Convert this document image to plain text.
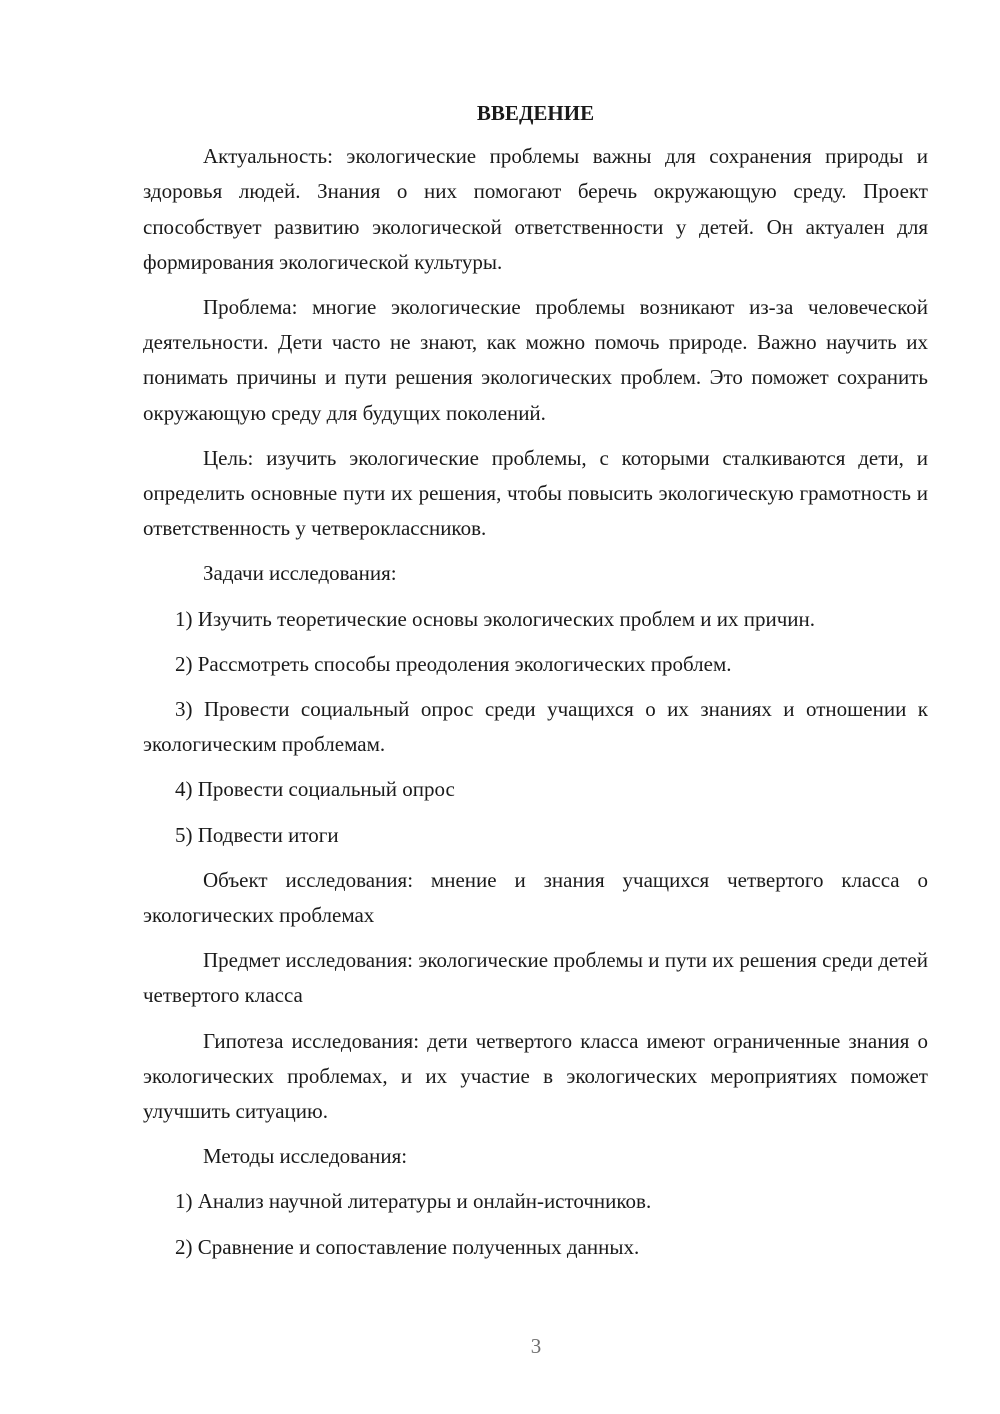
ВВЕДЕНИЕ

Актуальность: экологические проблемы важны для сохранения природы и здоровья людей. Знания о них помогают беречь окружающую среду. Проект способствует развитию экологической ответственности у детей. Он актуален для формирования экологической культуры.

Проблема: многие экологические проблемы возникают из-за человеческой деятельности. Дети часто не знают, как можно помочь природе. Важно научить их понимать причины и пути решения экологических проблем. Это поможет сохранить окружающую среду для будущих поколений.

Цель: изучить экологические проблемы, с которыми сталкиваются дети, и определить основные пути их решения, чтобы повысить экологическую грамотность и ответственность у четвероклассников.

Задачи исследования:

1) Изучить теоретические основы экологических проблем и их причин.

2) Рассмотреть способы преодоления экологических проблем.

3) Провести социальный опрос среди учащихся о их знаниях и отношении к экологическим проблемам.

4) Провести социальный опрос

5) Подвести итоги

Объект исследования: мнение и знания учащихся четвертого класса о экологических проблемах

Предмет исследования: экологические проблемы и пути их решения среди детей четвертого класса

Гипотеза исследования: дети четвертого класса имеют ограниченные знания о экологических проблемах, и их участие в экологических мероприятиях поможет улучшить ситуацию.

Методы исследования:

1) Анализ научной литературы и онлайн-источников.

2) Сравнение и сопоставление полученных данных.

3
